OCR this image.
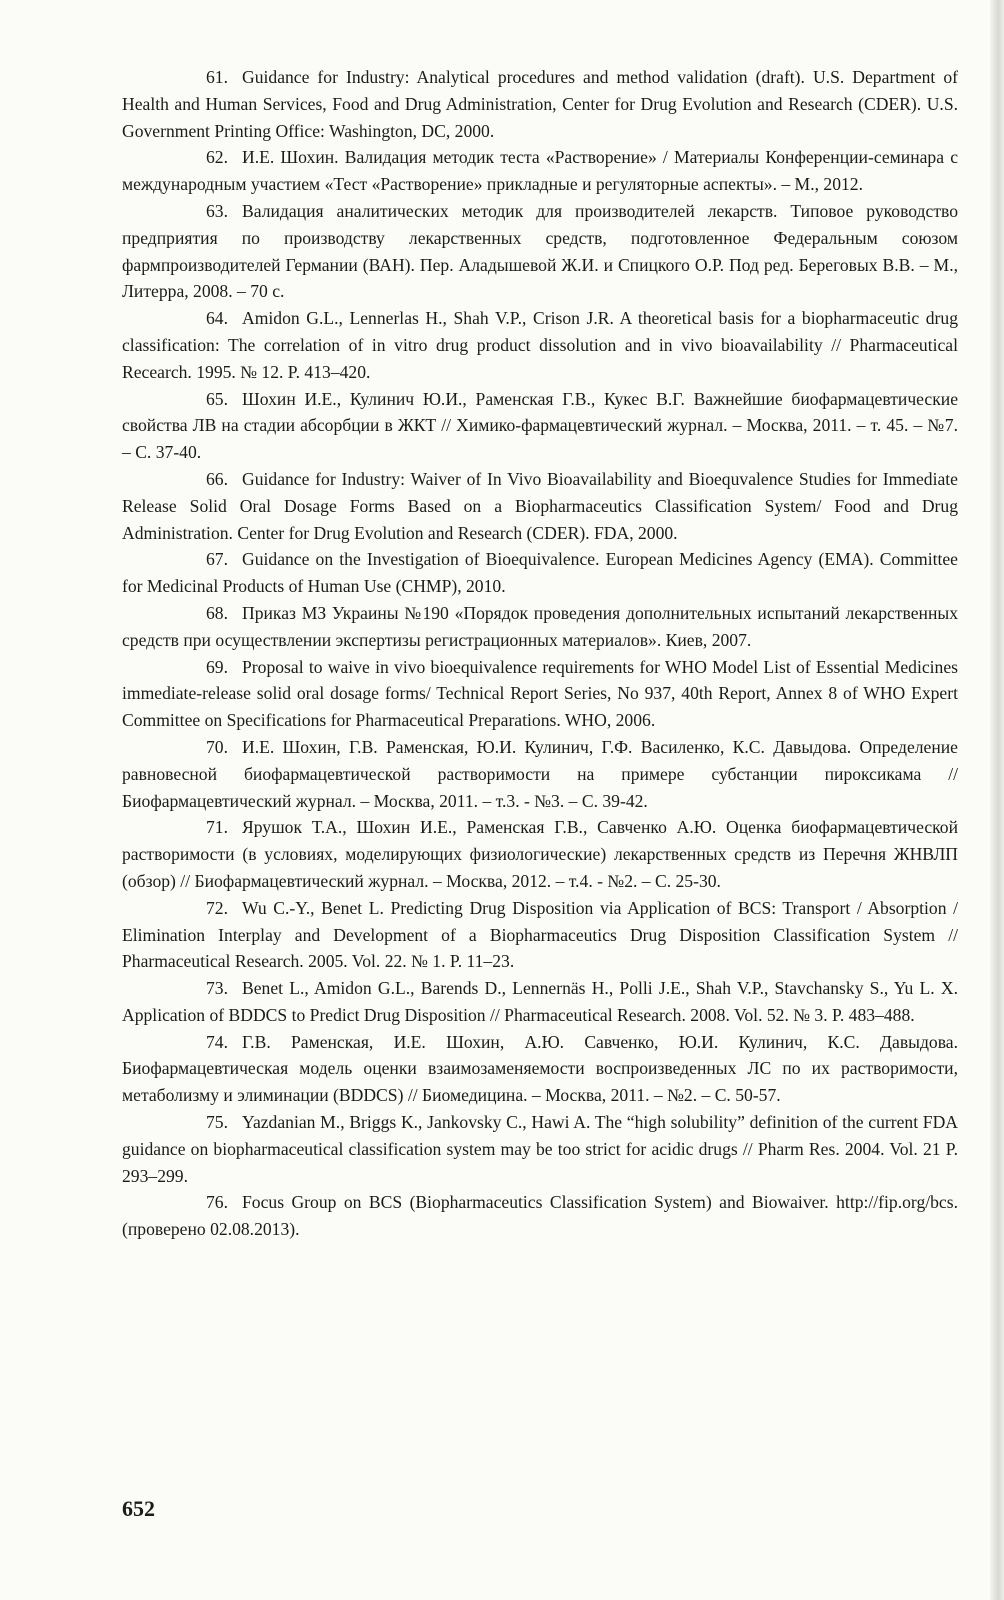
61. Guidance for Industry: Analytical procedures and method validation (draft). U.S. Department of Health and Human Services, Food and Drug Administration, Center for Drug Evolution and Research (CDER). U.S. Government Printing Office: Washington, DC, 2000.

62. И.Е. Шохин. Валидация методик теста «Растворение» / Материалы Конференции-семинара с международным участием «Тест «Растворение» прикладные и регуляторные аспекты». – М., 2012.

63. Валидация аналитических методик для производителей лекарств. Типовое руководство предприятия по производству лекарственных средств, подготовленное Федеральным союзом фармпроизводителей Германии (ВАН). Пер. Аладышевой Ж.И. и Спицкого О.Р. Под ред. Береговых В.В. – М., Литерра, 2008. – 70 с.

64. Amidon G.L., Lennerlas H., Shah V.P., Crison J.R. A theoretical basis for a biopharmaceutic drug classification: The correlation of in vitro drug product dissolution and in vivo bioavailability // Pharmaceutical Recearch. 1995. № 12. P. 413–420.

65. Шохин И.Е., Кулинич Ю.И., Раменская Г.В., Кукес В.Г. Важнейшие биофармацевтические свойства ЛВ на стадии абсорбции в ЖКТ // Химико-фармацевтический журнал. – Москва, 2011. – т. 45. – №7. – С. 37-40.

66. Guidance for Industry: Waiver of In Vivo Bioavailability and Bioequvalence Studies for Immediate Release Solid Oral Dosage Forms Based on a Biopharmaceutics Classification System/ Food and Drug Administration. Center for Drug Evolution and Research (CDER). FDA, 2000.

67. Guidance on the Investigation of Bioequivalence. European Medicines Agency (EMA). Committee for Medicinal Products of Human Use (CHMP), 2010.

68. Приказ МЗ Украины №190 «Порядок проведения дополнительных испытаний лекарственных средств при осуществлении экспертизы регистрационных материалов». Киев, 2007.

69. Proposal to waive in vivo bioequivalence requirements for WHO Model List of Essential Medicines immediate-release solid oral dosage forms/ Technical Report Series, No 937, 40th Report, Annex 8 of WHO Expert Committee on Specifications for Pharmaceutical Preparations. WHO, 2006.

70. И.Е. Шохин, Г.В. Раменская, Ю.И. Кулинич, Г.Ф. Василенко, К.С. Давыдова. Определение равновесной биофармацевтической растворимости на примере субстанции пироксикама // Биофармацевтический журнал. – Москва, 2011. – т.3. - №3. – С. 39-42.

71. Ярушок Т.А., Шохин И.Е., Раменская Г.В., Савченко А.Ю. Оценка биофармацевтической растворимости (в условиях, моделирующих физиологические) лекарственных средств из Перечня ЖНВЛП (обзор) // Биофармацевтический журнал. – Москва, 2012. – т.4. - №2. – С. 25-30.

72. Wu C.-Y., Benet L. Predicting Drug Disposition via Application of BCS: Transport / Absorption / Elimination Interplay and Development of a Biopharmaceutics Drug Disposition Classification System // Pharmaceutical Research. 2005. Vol. 22. № 1. P. 11–23.

73. Benet L., Amidon G.L., Barends D., Lennernäs H., Polli J.E., Shah V.P., Stavchansky S., Yu L. X. Application of BDDCS to Predict Drug Disposition // Pharmaceutical Research. 2008. Vol. 52. № 3. P. 483–488.

74. Г.В. Раменская, И.Е. Шохин, А.Ю. Савченко, Ю.И. Кулинич, К.С. Давыдова. Биофармацевтическая модель оценки взаимозаменяемости воспроизведенных ЛС по их растворимости, метаболизму и элиминации (BDDCS) // Биомедицина. – Москва, 2011. – №2. – С. 50-57.

75. Yazdanian M., Briggs K., Jankovsky C., Hawi A. The “high solubility” definition of the current FDA guidance on biopharmaceutical classification system may be too strict for acidic drugs // Pharm Res. 2004. Vol. 21 P. 293–299.

76. Focus Group on BCS (Biopharmaceutics Classification System) and Biowaiver. http://fip.org/bcs. (проверено 02.08.2013).

652
